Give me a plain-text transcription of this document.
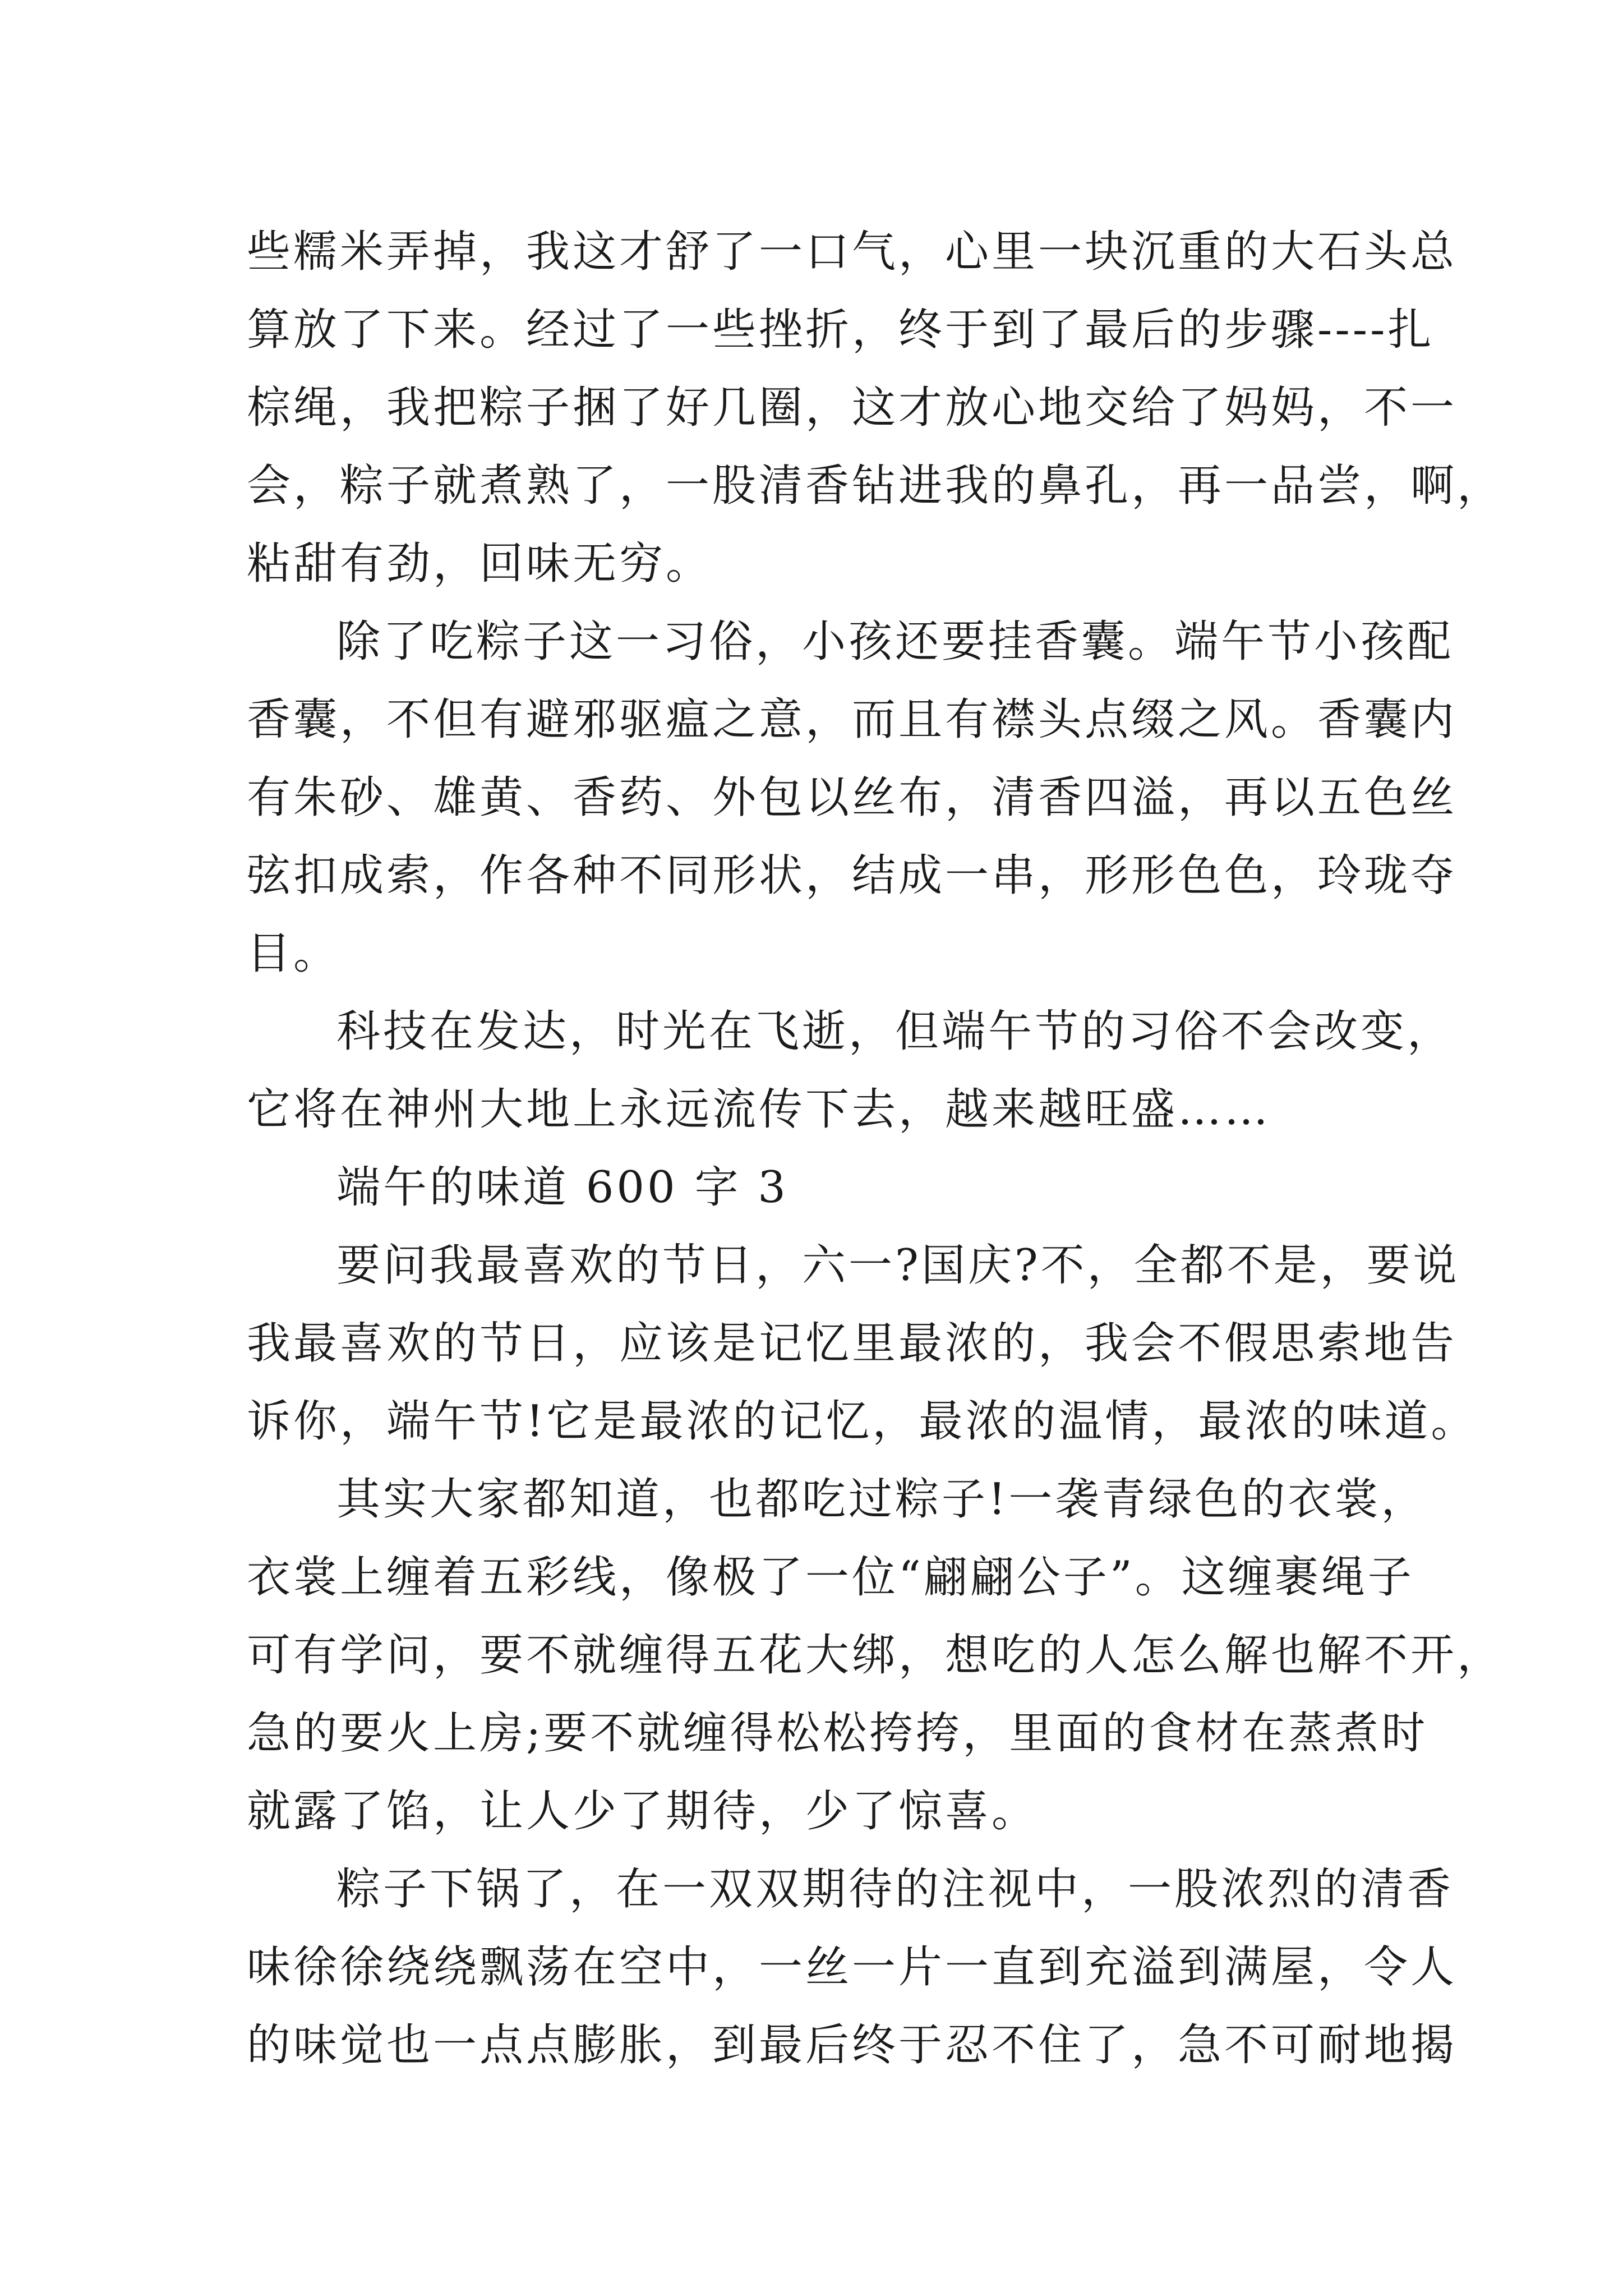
些糯米弄掉，我这才舒了一口气，心里一块沉重的大石头总
算放了下来。经过了一些挫折，终于到了最后的步骤----扎
棕绳，我把粽子捆了好几圈，这才放心地交给了妈妈，不一
会，粽子就煮熟了，一股清香钻进我的鼻孔，再一品尝，啊，
粘甜有劲，回味无穷。
除了吃粽子这一习俗，小孩还要挂香囊。端午节小孩配
香囊，不但有避邪驱瘟之意，而且有襟头点缀之风。香囊内
有朱砂、雄黄、香药、外包以丝布，清香四溢，再以五色丝
弦扣成索，作各种不同形状，结成一串，形形色色，玲珑夺
目。
科技在发达，时光在飞逝，但端午节的习俗不会改变，
它将在神州大地上永远流传下去，越来越旺盛……
端午的味道 600 字 3
要问我最喜欢的节日，六一?国庆?不，全都不是，要说
我最喜欢的节日，应该是记忆里最浓的，我会不假思索地告
诉你，端午节!它是最浓的记忆，最浓的温情，最浓的味道。
其实大家都知道，也都吃过粽子!一袭青绿色的衣裳，
衣裳上缠着五彩线，像极了一位“翩翩公子”。这缠裹绳子
可有学问，要不就缠得五花大绑，想吃的人怎么解也解不开，
急的要火上房;要不就缠得松松挎挎，里面的食材在蒸煮时
就露了馅，让人少了期待，少了惊喜。
粽子下锅了，在一双双期待的注视中，一股浓烈的清香
味徐徐绕绕飘荡在空中，一丝一片一直到充溢到满屋，令人
的味觉也一点点膨胀，到最后终于忍不住了，急不可耐地揭
